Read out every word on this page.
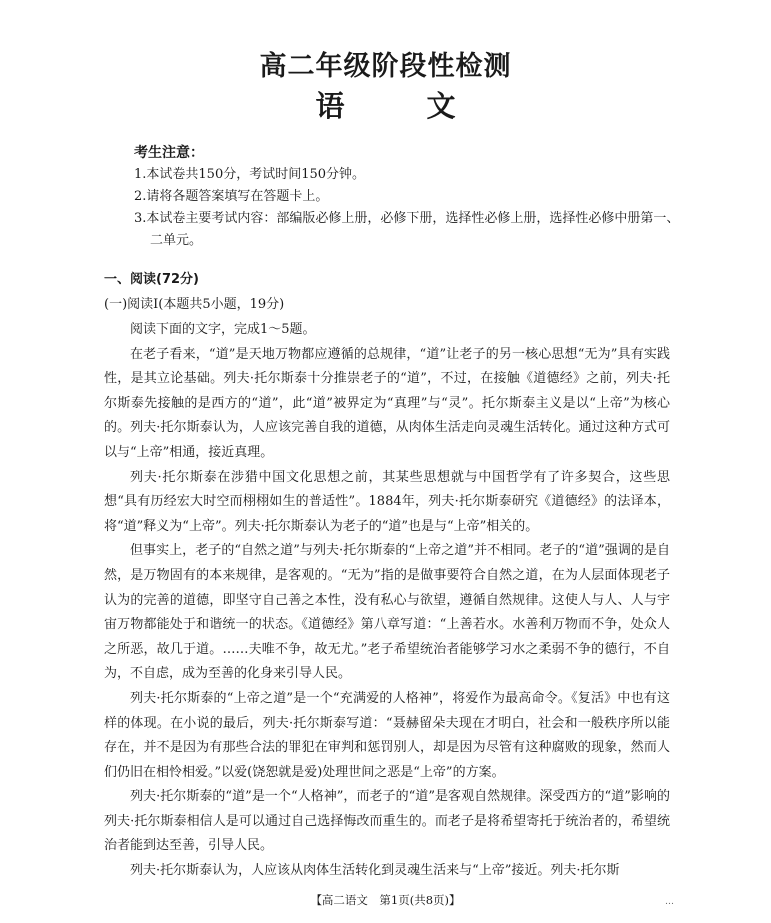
高二年级阶段性检测
语	文
考生注意：
1.本试卷共150分，考试时间150分钟。
2.请将各题答案填写在答题卡上。
3.本试卷主要考试内容：部编版必修上册，必修下册，选择性必修上册，选择性必修中册第一、二单元。
一、阅读(72分)
(一)阅读Ⅰ(本题共5小题，19分)

阅读下面的文字，完成1～5题。

在老子看来，“道”是天地万物都应遵循的总规律，“道”让老子的另一核心思想“无为”具有实践性，是其立论基础。列夫·托尔斯泰十分推崇老子的“道”，不过，在接触《道德经》之前，列夫·托尔斯泰先接触的是西方的“道”，此“道”被界定为“真理”与“灵”。托尔斯泰主义是以“上帝”为核心的。列夫·托尔斯泰认为，人应该完善自我的道德，从肉体生活走向灵魂生活转化。通过这种方式可以与“上帝”相通，接近真理。

列夫·托尔斯泰在涉猎中国文化思想之前，其某些思想就与中国哲学有了许多契合，这些思想“具有历经宏大时空而栩栩如生的普适性”。1884年，列夫·托尔斯泰研究《道德经》的法译本，将“道”释义为“上帝”。列夫·托尔斯泰认为老子的“道”也是与“上帝”相关的。

但事实上，老子的“自然之道”与列夫·托尔斯泰的“上帝之道”并不相同。老子的“道”强调的是自然，是万物固有的本来规律，是客观的。“无为”指的是做事要符合自然之道，在为人层面体现老子认为的完善的道德，即坚守自己善之本性，没有私心与欲望，遵循自然规律。这使人与人、人与宇宙万物都能处于和谐统一的状态。《道德经》第八章写道：“上善若水。水善利万物而不争，处众人之所恶，故几于道。……夫唯不争，故无尤。”老子希望统治者能够学习水之柔弱不争的德行，不自为，不自虑，成为至善的化身来引导人民。

列夫·托尔斯泰的“上帝之道”是一个“充满爱的人格神”，将爱作为最高命令。《复活》中也有这样的体现。在小说的最后，列夫·托尔斯泰写道：“聂赫留朵夫现在才明白，社会和一般秩序所以能存在，并不是因为有那些合法的罪犯在审判和惩罚别人，却是因为尽管有这种腐败的现象，然而人们仍旧在相怜相爱。”以爱(饶恕就是爱)处理世间之恶是“上帝”的方案。

列夫·托尔斯泰的“道”是一个“人格神”，而老子的“道”是客观自然规律。深受西方的“道”影响的列夫·托尔斯泰相信人是可以通过自己选择悔改而重生的。而老子是将希望寄托于统治者的，希望统治者能到达至善，引导人民。

列夫·托尔斯泰认为，人应该从肉体生活转化到灵魂生活来与“上帝”接近。列夫·托尔斯

【高二语文　第1页(共8页)】	…
